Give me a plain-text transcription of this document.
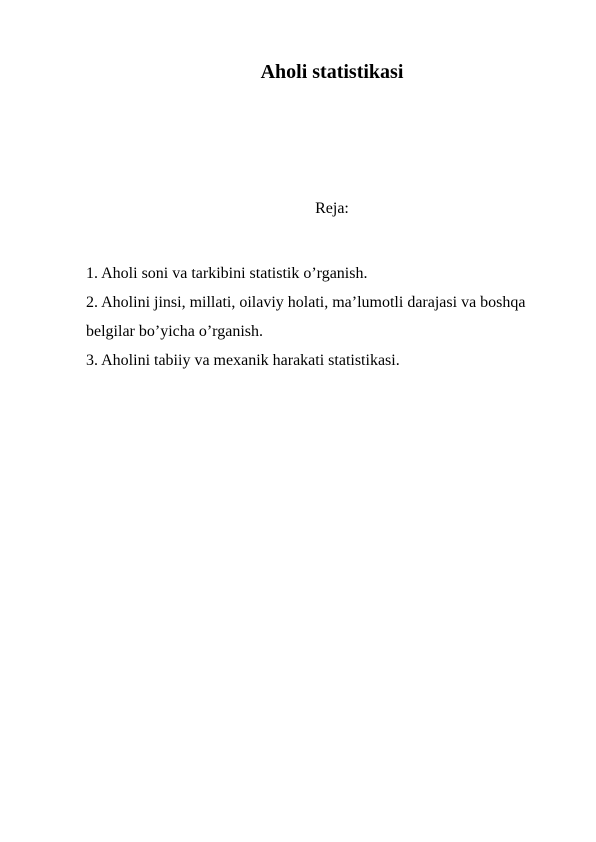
Aholi statistikasi
Reja:
1. Aholi soni va tarkibini statistik o’rganish.
2. Aholini jinsi, millati, oilaviy holati, ma’lumotli darajasi va boshqa belgilar bo’yicha o’rganish.
3. Aholini tabiiy va mexanik harakati statistikasi.
